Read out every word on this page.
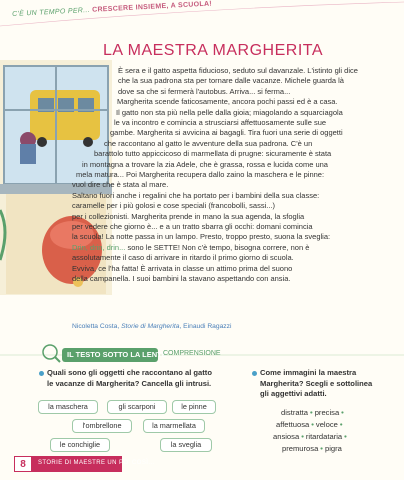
C'È UN TEMPO PER... CRESCERE INSIEME, A SCUOLA!
LA MAESTRA MARGHERITA
È sera e il gatto aspetta fiducioso, seduto sul davanzale. L'istinto gli dice
che la sua padrona sta per tornare dalle vacanze. Michele guarda là
dove sa che si fermerà l'autobus. Arriva... si ferma...
Margherita scende faticosamente, ancora pochi passi ed è a casa.
Il gatto non sta più nella pelle dalla gioia; miagolando a squarciagola
le va incontro e comincia a strusciarsi affettuosamente sulle sue
gambe. Margherita si avvicina ai bagagli. Tira fuori una serie di oggetti
che raccontano al gatto le avventure della sua padrona. C'è un
barattolo tutto appiccicoso di marmellata di prugne: sicuramente è stata
in montagna a trovare la zia Adele, che è grassa, rossa e lucida come una
mela matura... Poi Margherita recupera dallo zaino la maschera e le pinne:
vuol dire che è stata al mare.
Saltano fuori anche i regalini che ha portato per i bambini della sua classe:
caramelle per i più golosi e cose speciali (francobolli, sassi...)
per i collezionisti. Margherita prende in mano la sua agenda, la sfoglia
per vedere che giorno è... e a un tratto sbarra gli occhi: domani comincia
la scuola! La notte passa in un lampo. Presto, troppo presto, suona la sveglia:
Drin, drin, drin... sono le SETTE! Non c'è tempo, bisogna correre, non è
assolutamente il caso di arrivare in ritardo il primo giorno di scuola.
Evviva, ce l'ha fatta! È arrivata in classe un attimo prima del suono
della campanella. I suoi bambini la stavano aspettando con ansia.
Nicoletta Costa, Storie di Margherita, Einaudi Ragazzi
IL TESTO SOTTO LA LENTE
COMPRENSIONE
Quali sono gli oggetti che raccontano al gatto
le vacanze di Margherita? Cancella gli intrusi.
la maschera	gli scarponi	le pinne
l'ombrellone	la marmellata
le conchiglie	la sveglia
Come immagini la maestra
Margherita? Scegli e sottolinea
gli aggettivi adatti.
distratta • precisa •
affettuosa • veloce •
ansiosa • ritardataria •
premurosa • pigra
8	STORIE DI MAESTRE UN PO' COSÌ...
